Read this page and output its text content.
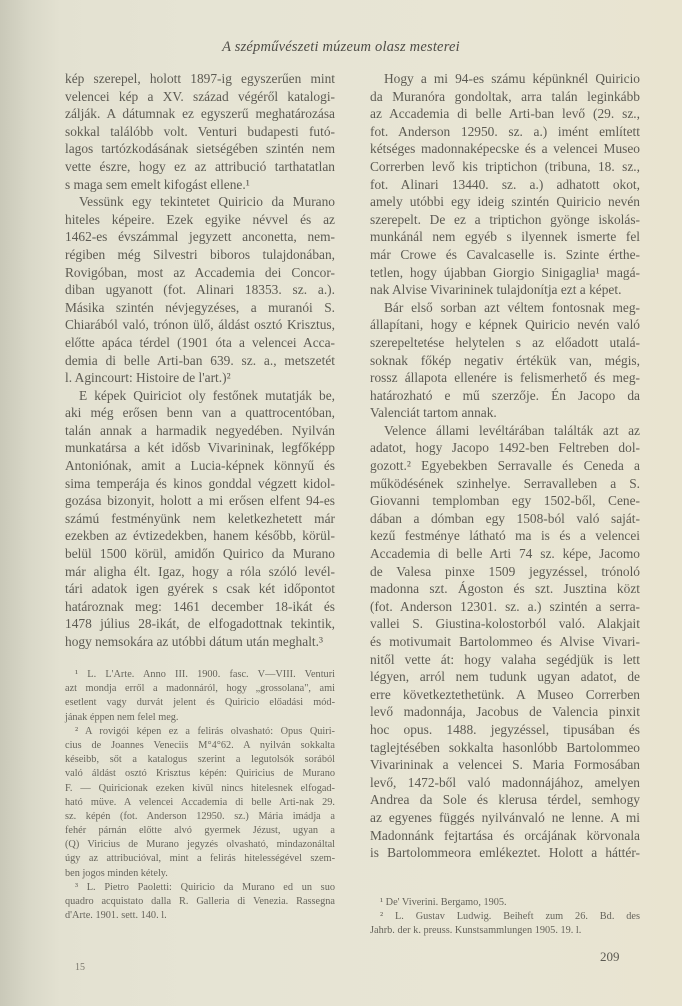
A szépművészeti múzeum olasz mesterei
kép szerepel, holott 1897-ig egyszerűen mint
velencei kép a XV. század végéről katalogi-
zálják. A dátumnak ez egyszerű meghatározása
sokkal találóbb volt. Venturi budapesti futó-
lagos tartózkodásának sietségében szintén nem
vette észre, hogy ez az attribució tarthatatlan
s maga sem emelt kifogást ellene.¹
Vessünk egy tekintetet Quiricio da Murano
hiteles képeire. Ezek egyike névvel és az
1462-es évszámmal jegyzett anconetta, nem-
régiben még Silvestri biboros tulajdonában,
Rovigóban, most az Accademia dei Concor-
diban ugyanott (fot. Alinari 18353. sz. a.).
Másika szintén névjegyzéses, a muranói S.
Chiarából való, trónon ülő, áldást osztó Krisztus,
előtte apáca térdel (1901 óta a velencei Acca-
demia di belle Arti-ban 639. sz. a., metszetét
l. Agincourt: Histoire de l'art.)²
E képek Quiriciot oly festőnek mutatják be,
aki még erősen benn van a quattrocentóban,
talán annak a harmadik negyedében. Nyilván
munkatársa a két idősb Vivarininak, legfőképp
Antoniónak, amit a Lucia-képnek könnyű és
sima temperája és kinos gonddal végzett kidol-
gozása bizonyit, holott a mi erősen elfent 94-es
számú festményünk nem keletkezhetett már
ezekben az évtizedekben, hanem később, körül-
belül 1500 körül, amidőn Quirico da Murano
már aligha élt. Igaz, hogy a róla szóló levél-
tári adatok igen gyérek s csak két időpontot
határoznak meg: 1461 december 18-ikát és
1478 július 28-ikát, de elfogadottnak tekintik,
hogy nemsokára az utóbbi dátum után meghalt.³
¹ L. L'Arte. Anno III. 1900. fasc. V—VIII. Venturi
azt mondja erről a madonnáról, hogy „grossolana", ami
esetlent vagy durvát jelent és Quiricio előadási mód-
jának éppen nem felel meg.
² A rovigói képen ez a felirás olvasható: Opus Quiri-
cius de Joannes Veneciis M°4°62. A nyilván sokkalta
késeibb, sőt a katalogus szerint a legutolsók sorából
való áldást osztó Krisztus képén: Quiricius de Murano
F. — Quiricionak ezeken kivül nincs hitelesnek elfogad-
ható müve. A velencei Accademia di belle Arti-nak 29.
sz. képén (fot. Anderson 12950. sz.) Mária imádja a
fehér párnán előtte alvó gyermek Jézust, ugyan a
(Q) Viricius de Murano jegyzés olvasható, mindazonáltal
úgy az attribucióval, mint a felirás hitelességével szem-
ben jogos minden kétely.
³ L. Pietro Paoletti: Quiricio da Murano ed un suo
quadro acquistato dalla R. Galleria di Venezia. Rassegna
d'Arte. 1901. sett. 140. l.
Hogy a mi 94-es számu képünknél Quiricio
da Muranóra gondoltak, arra talán leginkább
az Accademia di belle Arti-ban levő (29. sz.,
fot. Anderson 12950. sz. a.) imént említett
kétséges madonnaképecske és a velencei Museo
Correrben levő kis triptichon (tribuna, 18. sz.,
fot. Alinari 13440. sz. a.) adhatott okot,
amely utóbbi egy ideig szintén Quiricio nevén
szerepelt. De ez a triptichon gyönge iskolás-
munkánál nem egyéb s ilyennek ismerte fel
már Crowe és Cavalcaselle is. Szinte érthe-
tetlen, hogy újabban Giorgio Sinigaglia¹ magá-
nak Alvise Vivarininek tulajdonítja ezt a képet.
Bár első sorban azt véltem fontosnak meg-
állapítani, hogy e képnek Quiricio nevén való
szerepeltetése helytelen s az előadott utalá-
soknak főkép negativ értékük van, mégis,
rossz állapota ellenére is felismerhető és meg-
határozható e mű szerzője. Én Jacopo da
Valenciát tartom annak.
Velence állami levéltárában találták azt az
adatot, hogy Jacopo 1492-ben Feltreben dol-
gozott.² Egyebekben Serravalle és Ceneda a
működésének szinhelye. Serravalleben a S.
Giovanni templomban egy 1502-ből, Cene-
dában a dómban egy 1508-ból való saját-
kezű festménye látható ma is és a velencei
Accademia di belle Arti 74 sz. képe, Jacomo
de Valesa pinxe 1509 jegyzéssel, trónoló
madonna szt. Ágoston és szt. Jusztina közt
(fot. Anderson 12301. sz. a.) szintén a serra-
vallei S. Giustina-kolostorból való. Alakjait
és motivumait Bartolommeo és Alvise Vivari-
nitől vette át: hogy valaha segédjük is lett
légyen, arról nem tudunk ugyan adatot, de
erre következtethetünk. A Museo Correrben
levő madonnája, Jacobus de Valencia pinxit
hoc opus. 1488. jegyzéssel, tipusában és
taglejtésében sokkalta hasonlóbb Bartolommeo
Vivarininak a velencei S. Maria Formosában
levő, 1472-ből való madonnájához, amelyen
Andrea da Sole és klerusa térdel, semhogy
az egyenes függés nyilvánvaló ne lenne. A mi
Madonnánk fejtartása és orcájának körvonala
is Bartolommeora emlékeztet. Holott a háttér-
¹ De' Viverini. Bergamo, 1905.
² L. Gustav Ludwig. Beiheft zum 26. Bd. des
Jahrb. der k. preuss. Kunstsammlungen 1905. 19. l.
15
209
